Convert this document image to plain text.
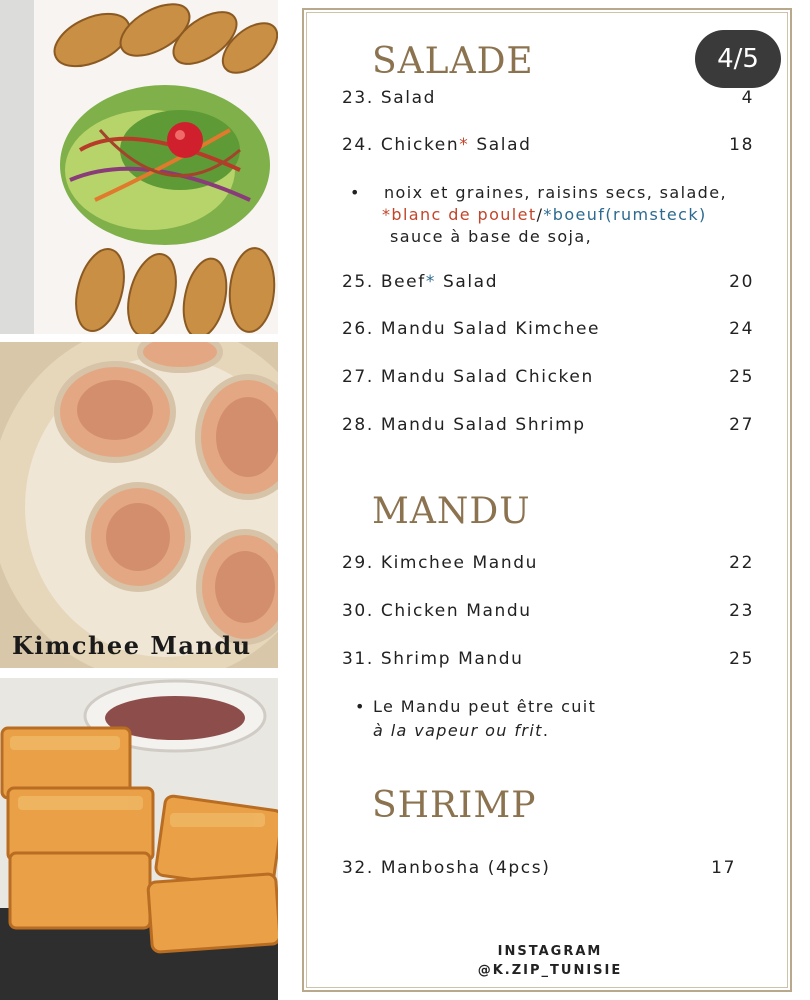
Kimchee Mandu
4/5
SALADE
23. Salad	4
24. Chicken* Salad	18
• noix et graines, raisins secs, salade,
*blanc de poulet/*boeuf(rumsteck)
sauce à base de soja,
25. Beef* Salad	20
26. Mandu Salad Kimchee	24
27. Mandu Salad Chicken	25
28. Mandu Salad Shrimp	27
MANDU
29. Kimchee Mandu	22
30. Chicken Mandu	23
31. Shrimp Mandu	25
• Le Mandu peut être cuit
à la vapeur ou frit.
SHRIMP
32. Manbosha (4pcs)	17
INSTAGRAM
@K.ZIP_TUNISIE
